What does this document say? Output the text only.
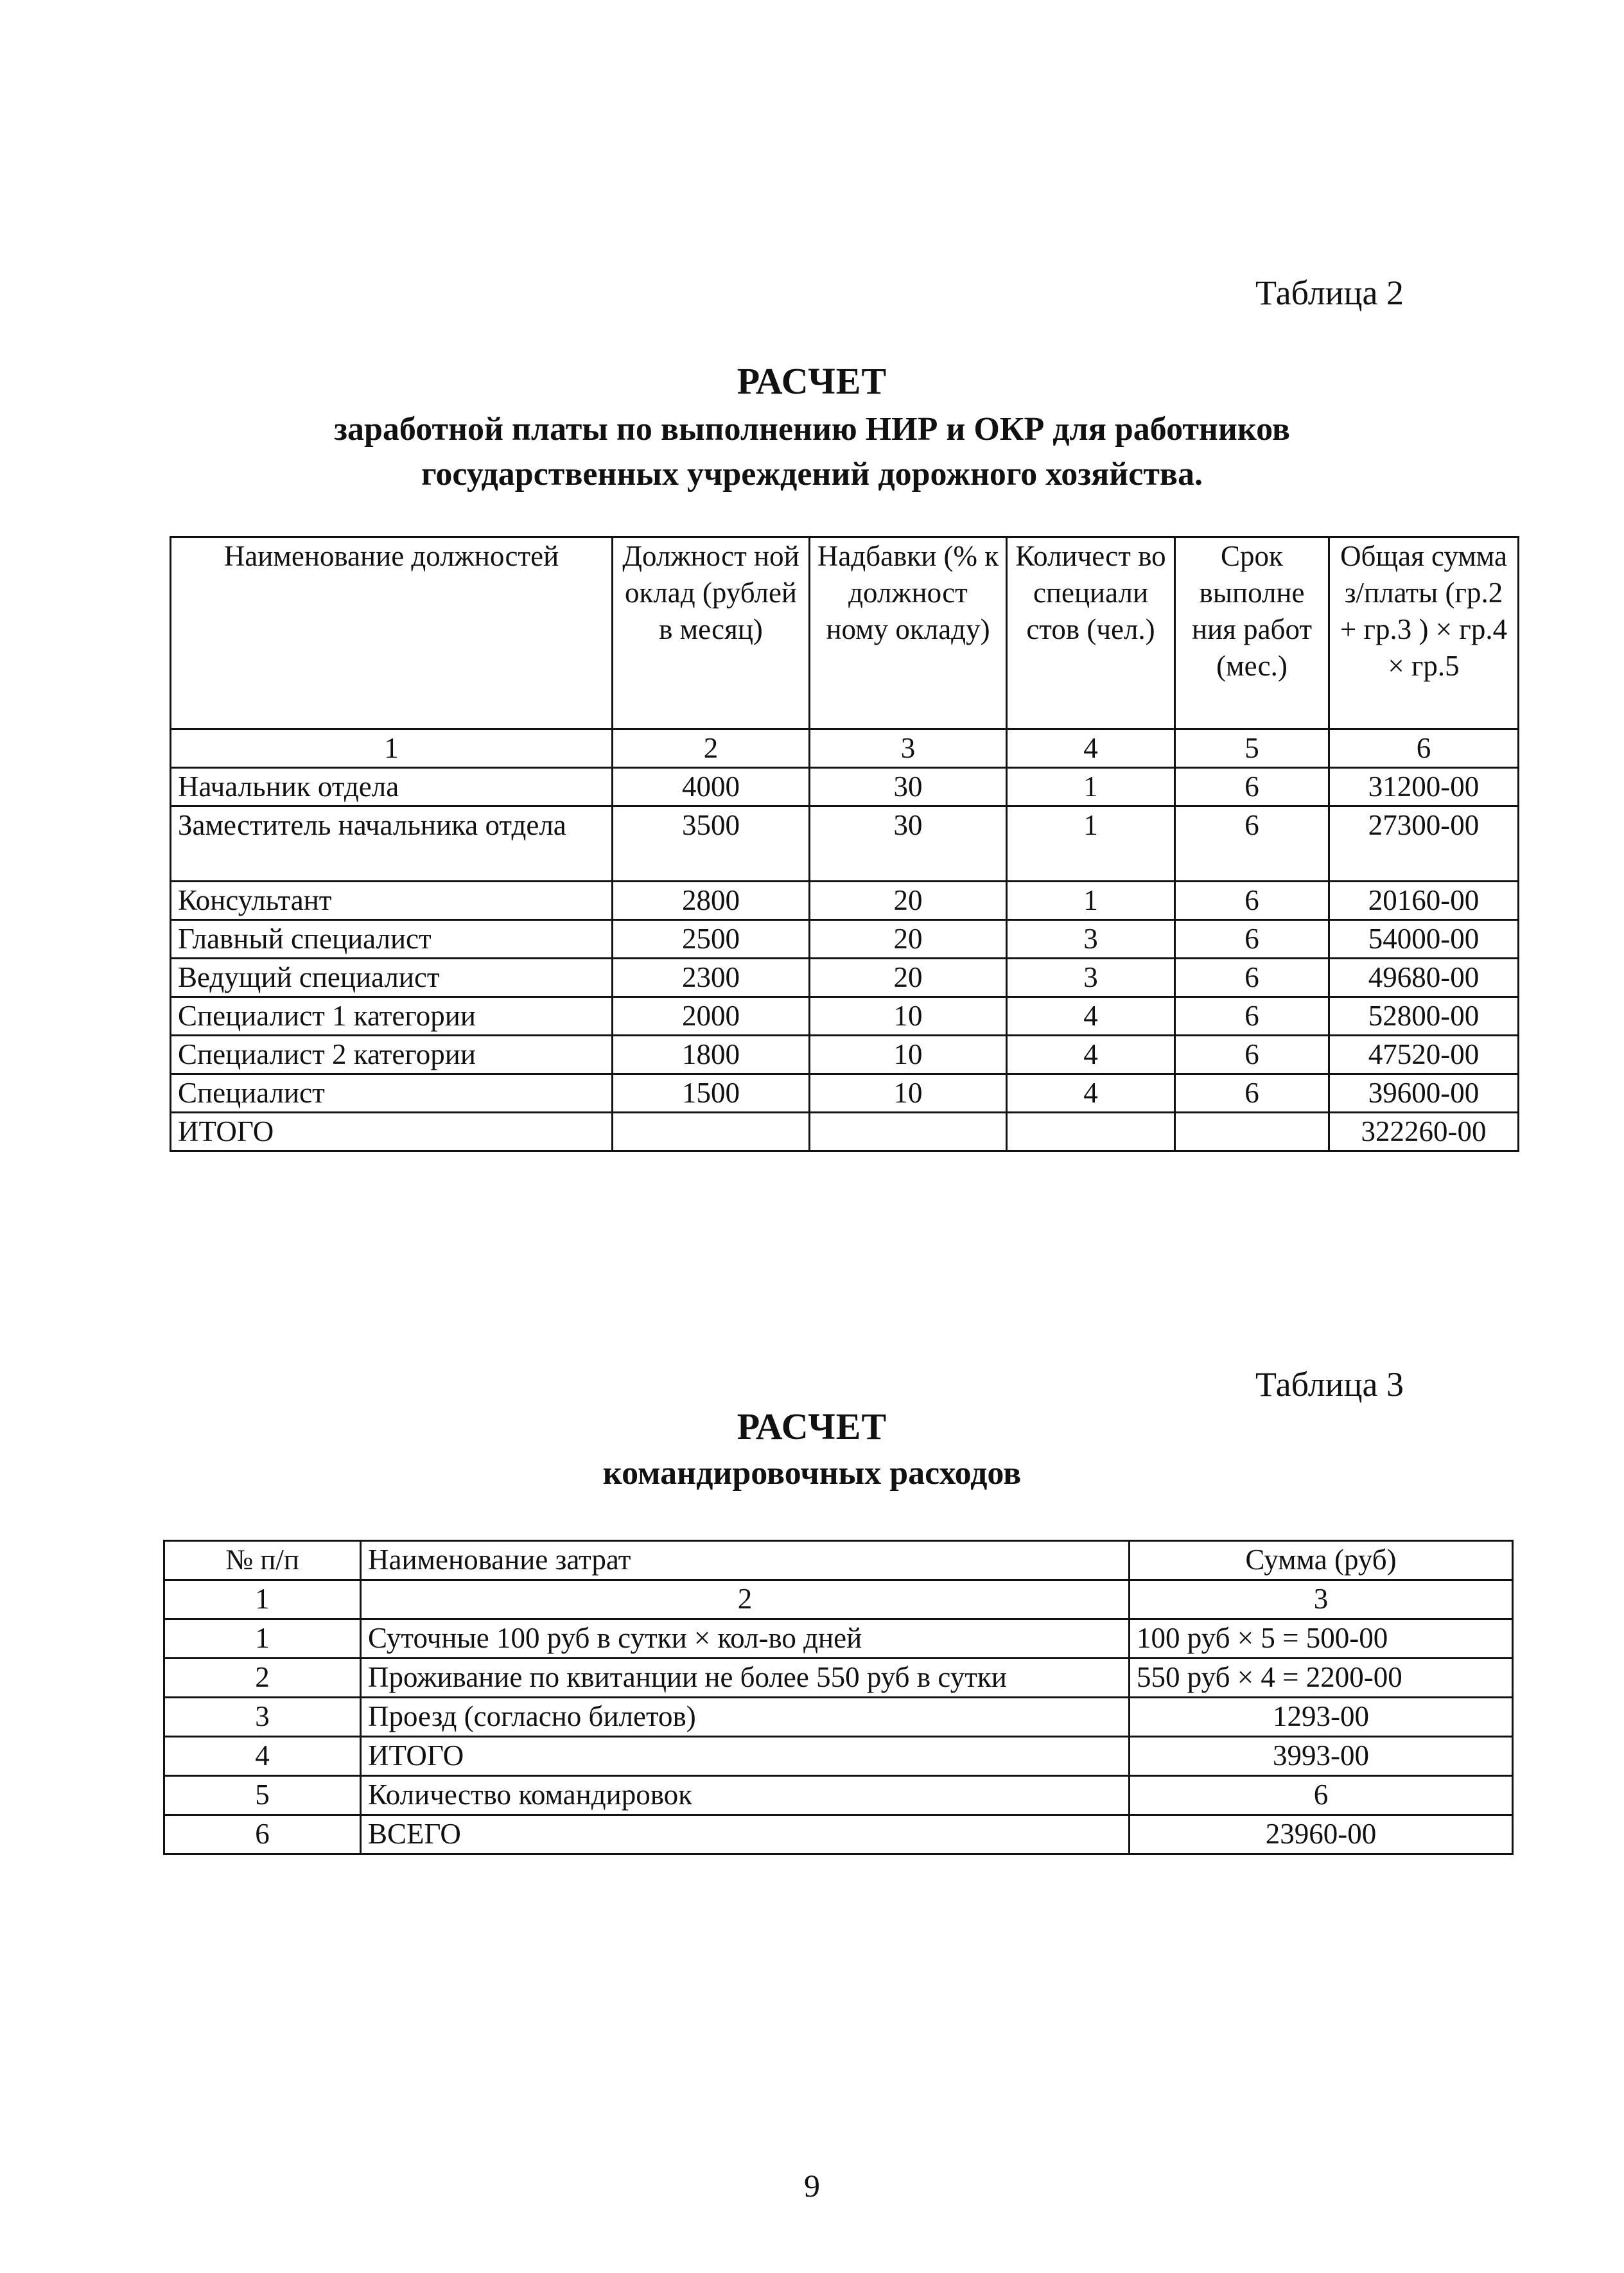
Таблица 2
РАСЧЕТ
заработной платы по выполнению НИР и ОКР для работников
государственных учреждений дорожного хозяйства.
Наименование должностей	Должност ной оклад (рублей в месяц)	Надбавки (% к должност ному окладу)	Количест во специали стов (чел.)	Срок выполне ния работ (мес.)	Общая сумма з/платы (гр.2 + гр.3 ) × гр.4 × гр.5
1	2	3	4	5	6
Начальник отдела	4000	30	1	6	31200-00
Заместитель начальника отдела	3500	30	1	6	27300-00
Консультант	2800	20	1	6	20160-00
Главный специалист	2500	20	3	6	54000-00
Ведущий специалист	2300	20	3	6	49680-00
Специалист 1 категории	2000	10	4	6	52800-00
Специалист 2 категории	1800	10	4	6	47520-00
Специалист	1500	10	4	6	39600-00
ИТОГО					322260-00
Таблица 3
РАСЧЕТ
командировочных расходов
№ п/п	Наименование затрат	Сумма (руб)
1	2	3
1	Суточные 100 руб в сутки × кол-во дней	100 руб × 5 = 500-00
2	Проживание по квитанции не более 550 руб в сутки	550 руб × 4 = 2200-00
3	Проезд (согласно билетов)	1293-00
4	ИТОГО	3993-00
5	Количество командировок	6
6	ВСЕГО	23960-00
9
